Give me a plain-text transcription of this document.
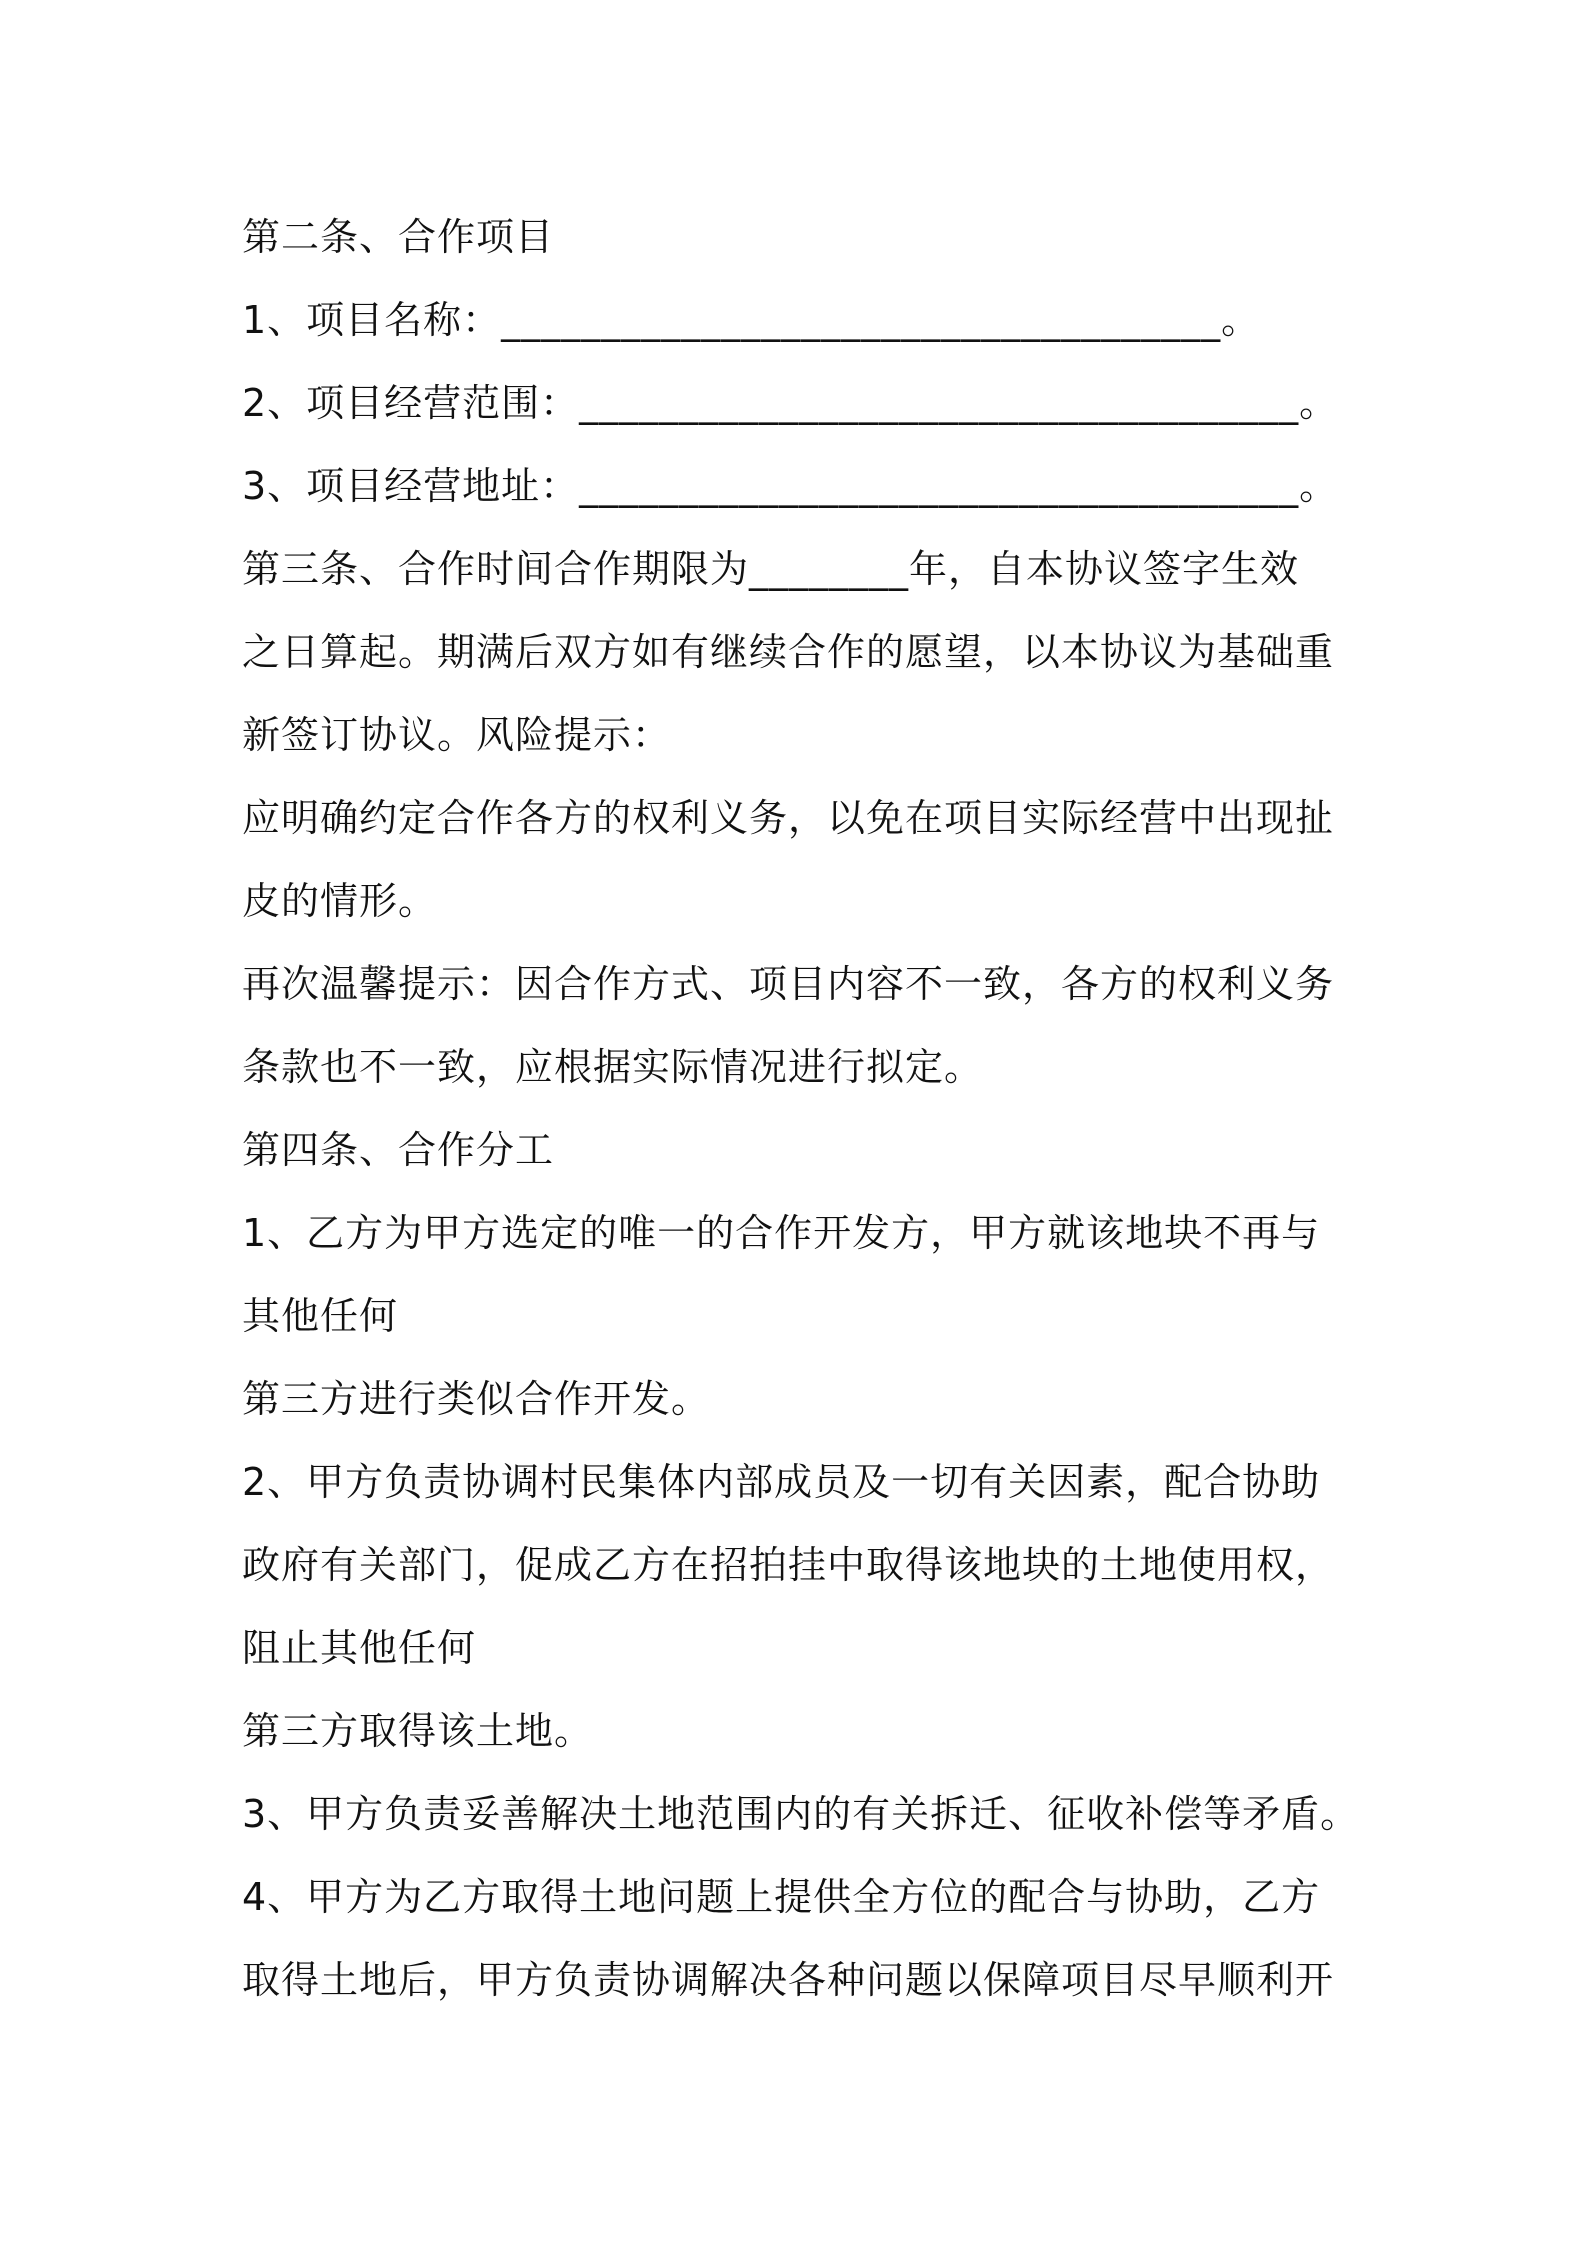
第二条、合作项目
1、项目名称：____________________________________。
2、项目经营范围：____________________________________。
3、项目经营地址：____________________________________。
第三条、合作时间合作期限为________年，自本协议签字生效
之日算起。期满后双方如有继续合作的愿望，以本协议为基础重
新签订协议。风险提示：
应明确约定合作各方的权利义务，以免在项目实际经营中出现扯
皮的情形。
再次温馨提示：因合作方式、项目内容不一致，各方的权利义务
条款也不一致，应根据实际情况进行拟定。
第四条、合作分工
1、乙方为甲方选定的唯一的合作开发方，甲方就该地块不再与
其他任何
第三方进行类似合作开发。
2、甲方负责协调村民集体内部成员及一切有关因素，配合协助
政府有关部门，促成乙方在招拍挂中取得该地块的土地使用权，
阻止其他任何
第三方取得该土地。
3、甲方负责妥善解决土地范围内的有关拆迁、征收补偿等矛盾。
4、甲方为乙方取得土地问题上提供全方位的配合与协助，乙方
取得土地后，甲方负责协调解决各种问题以保障项目尽早顺利开
